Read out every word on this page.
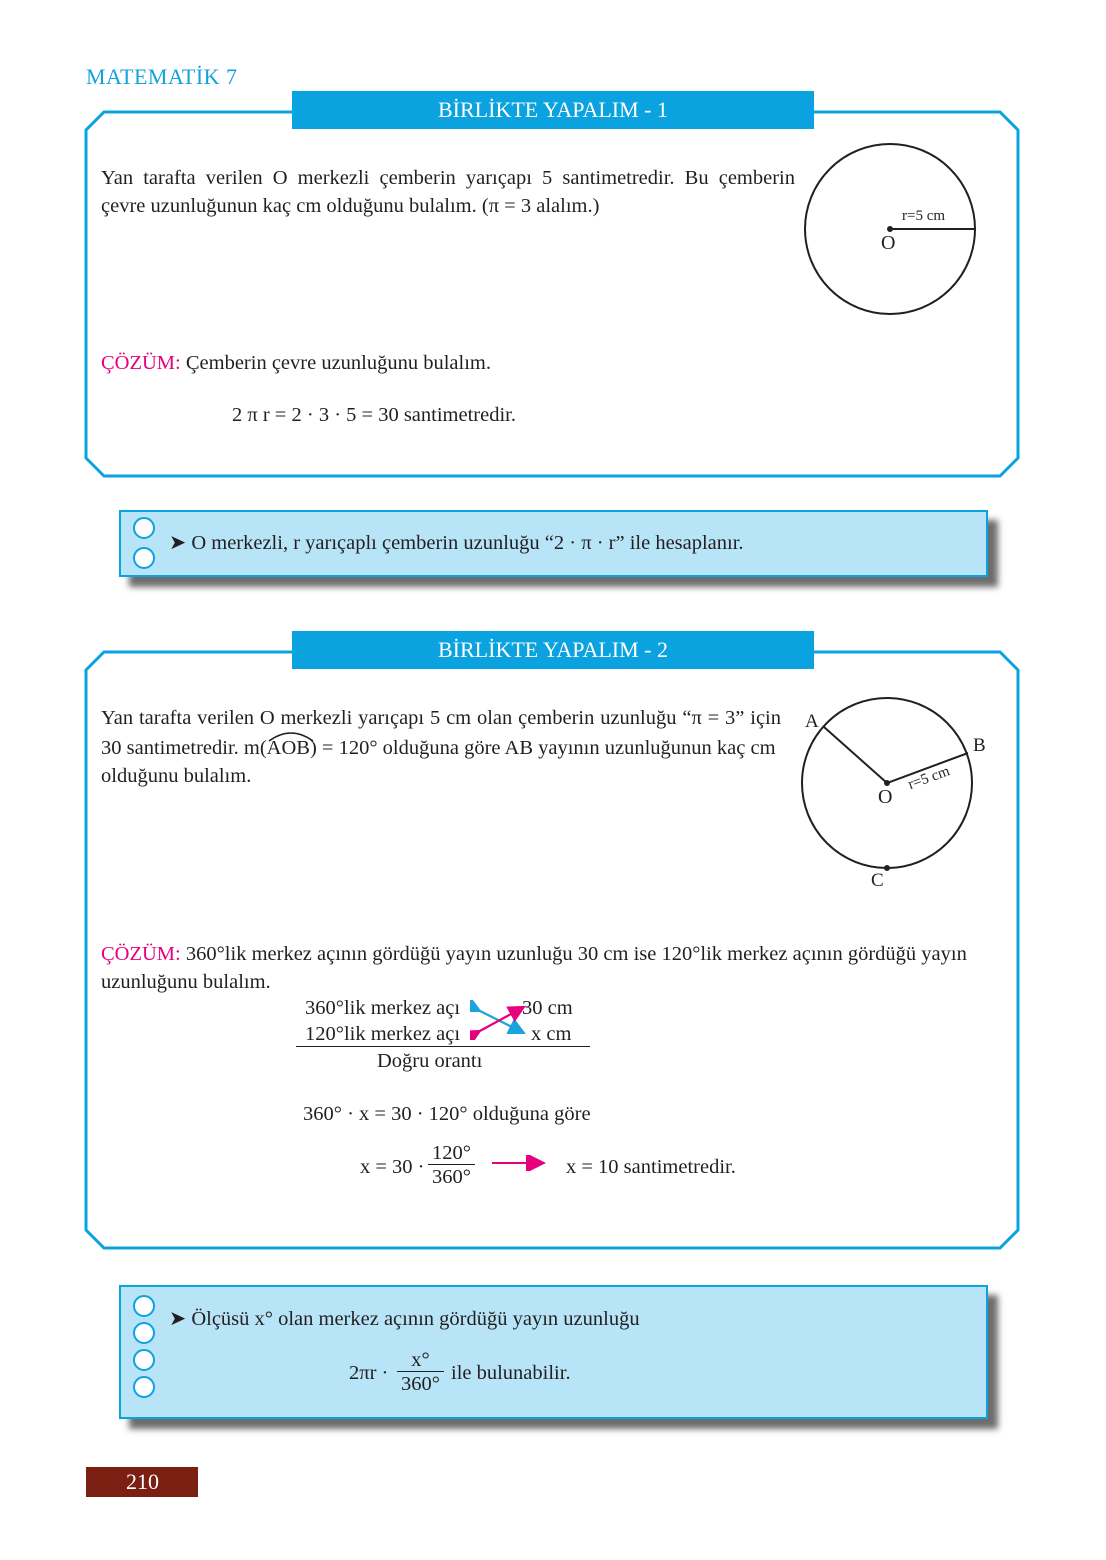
MATEMATİK 7
BİRLİKTE YAPALIM - 1
Yan tarafta verilen O merkezli çemberin yarıçapı 5 santimetredir. Bu çemberin
çevre uzunluğunun kaç cm olduğunu bulalım. (π = 3 alalım.)	r=5 cm
O
ÇÖZÜM: Çemberin çevre uzunluğunu bulalım.
2 π r = 2 · 3 · 5 = 30 santimetredir.
➤ O merkezli, r yarıçaplı çemberin uzunluğu “2 · π · r” ile hesaplanır.
BİRLİKTE YAPALIM - 2
Yan tarafta verilen O merkezli yarıçapı 5 cm olan çemberin uzunluğu “π = 3” için
30 santimetredir. m(
AOB) = 120° olduğuna göre AB yayının uzunluğunun kaç cm
olduğunu bulalım.
A
B
C
O
r=5 cm
ÇÖZÜM: 360°lik merkez açının gördüğü yayın uzunluğu 30 cm ise 120°lik merkez açının gördüğü yayın
uzunluğunu bulalım.
360°lik merkez açı	30 cm
120°lik merkez açı	x cm
Doğru orantı
360° · x = 30 · 120° olduğuna göre
$x = 30 \cdot \frac{120^\circ}{360^\circ}$	x = 10 santimetredir.
➤ Ölçüsü x° olan merkez açının gördüğü yayın uzunluğu
$2\pi r \cdot \frac{x^\circ}{360^\circ}$ ile bulunabilir.
210
